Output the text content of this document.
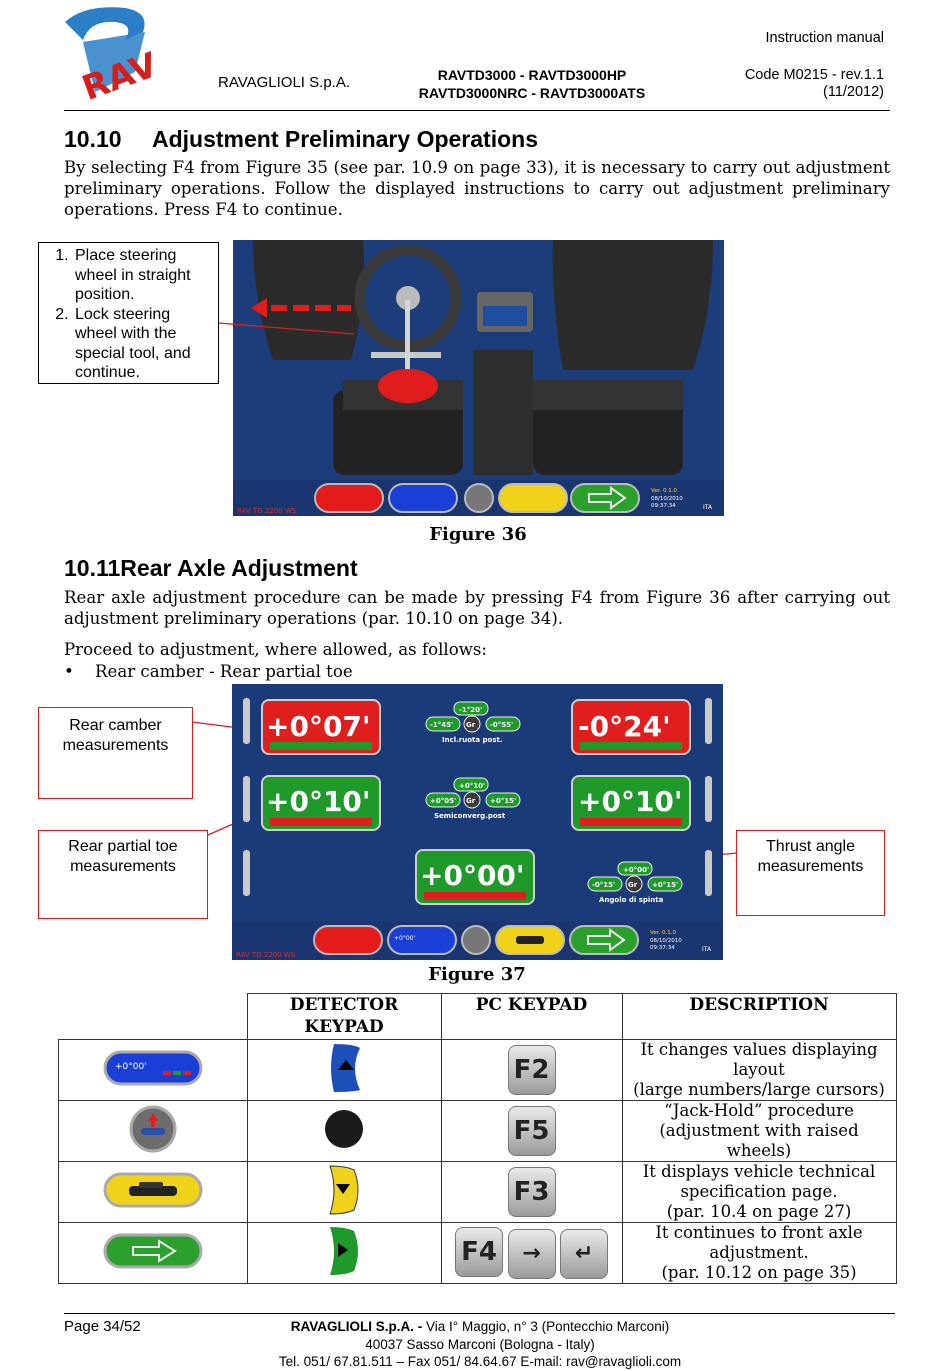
RAV	RAVAGLIOLI S.p.A.	RAVTD3000 - RAVTD3000HP
RAVTD3000NRC - RAVTD3000ATS
Instruction manual
Code M0215 - rev.1.1
(11/2012)
10.10 Adjustment Preliminary Operations
By selecting F4 from Figure 35 (see par. 10.9 on page 33), it is necessary to carry out adjustment preliminary operations. Follow the displayed instructions to carry out adjustment preliminary operations. Press F4 to continue.
1. Place steering wheel in straight position.
2. Lock steering wheel with the special tool, and continue.
RAV TD 2200 WS
Ver. 0.1.0
08/10/2010
09:37:34	ITA
Figure 36
10.11Rear Axle Adjustment
Rear axle adjustment procedure can be made by pressing F4 from Figure 36 after carrying out adjustment preliminary operations (par. 10.10 on page 34).
Proceed to adjustment, where allowed, as follows:
• Rear camber - Rear partial toe
Rear camber measurements
Rear partial toe measurements
Thrust angle measurements
+0°07'	-0°24'
+0°10'	+0°10'
+0°00'
-1°20'
-1°45' Gr -0°55'
Incl.ruota post.
+0°10'
+0°05' Gr +0°15'
Semiconverg.post
+0°00'
-0°15' Gr +0°15'
Angolo di spinta
+0°00'
RAV TD 2200 WS
Ver. 0.1.0
08/10/2010
09:37:34	ITA
Figure 37
	DETECTOR KEYPAD	PC KEYPAD	DESCRIPTION

+0°00'		F2	It changes values displaying
layout
(large numbers/large cursors)

		F5	“Jack-Hold” procedure
(adjustment with raised
wheels)

		F3	It displays vehicle technical
specification page.
(par. 10.4 on page 27)

		F4 → ↵	It continues to front axle
adjustment.
(par. 10.12 on page 35)
Page 34/52	RAVAGLIOLI S.p.A. - Via I° Maggio, n° 3 (Pontecchio Marconi)
40037 Sasso Marconi (Bologna - Italy)
Tel. 051/ 67.81.511 – Fax 051/ 84.64.67 E-mail: rav@ravaglioli.com
